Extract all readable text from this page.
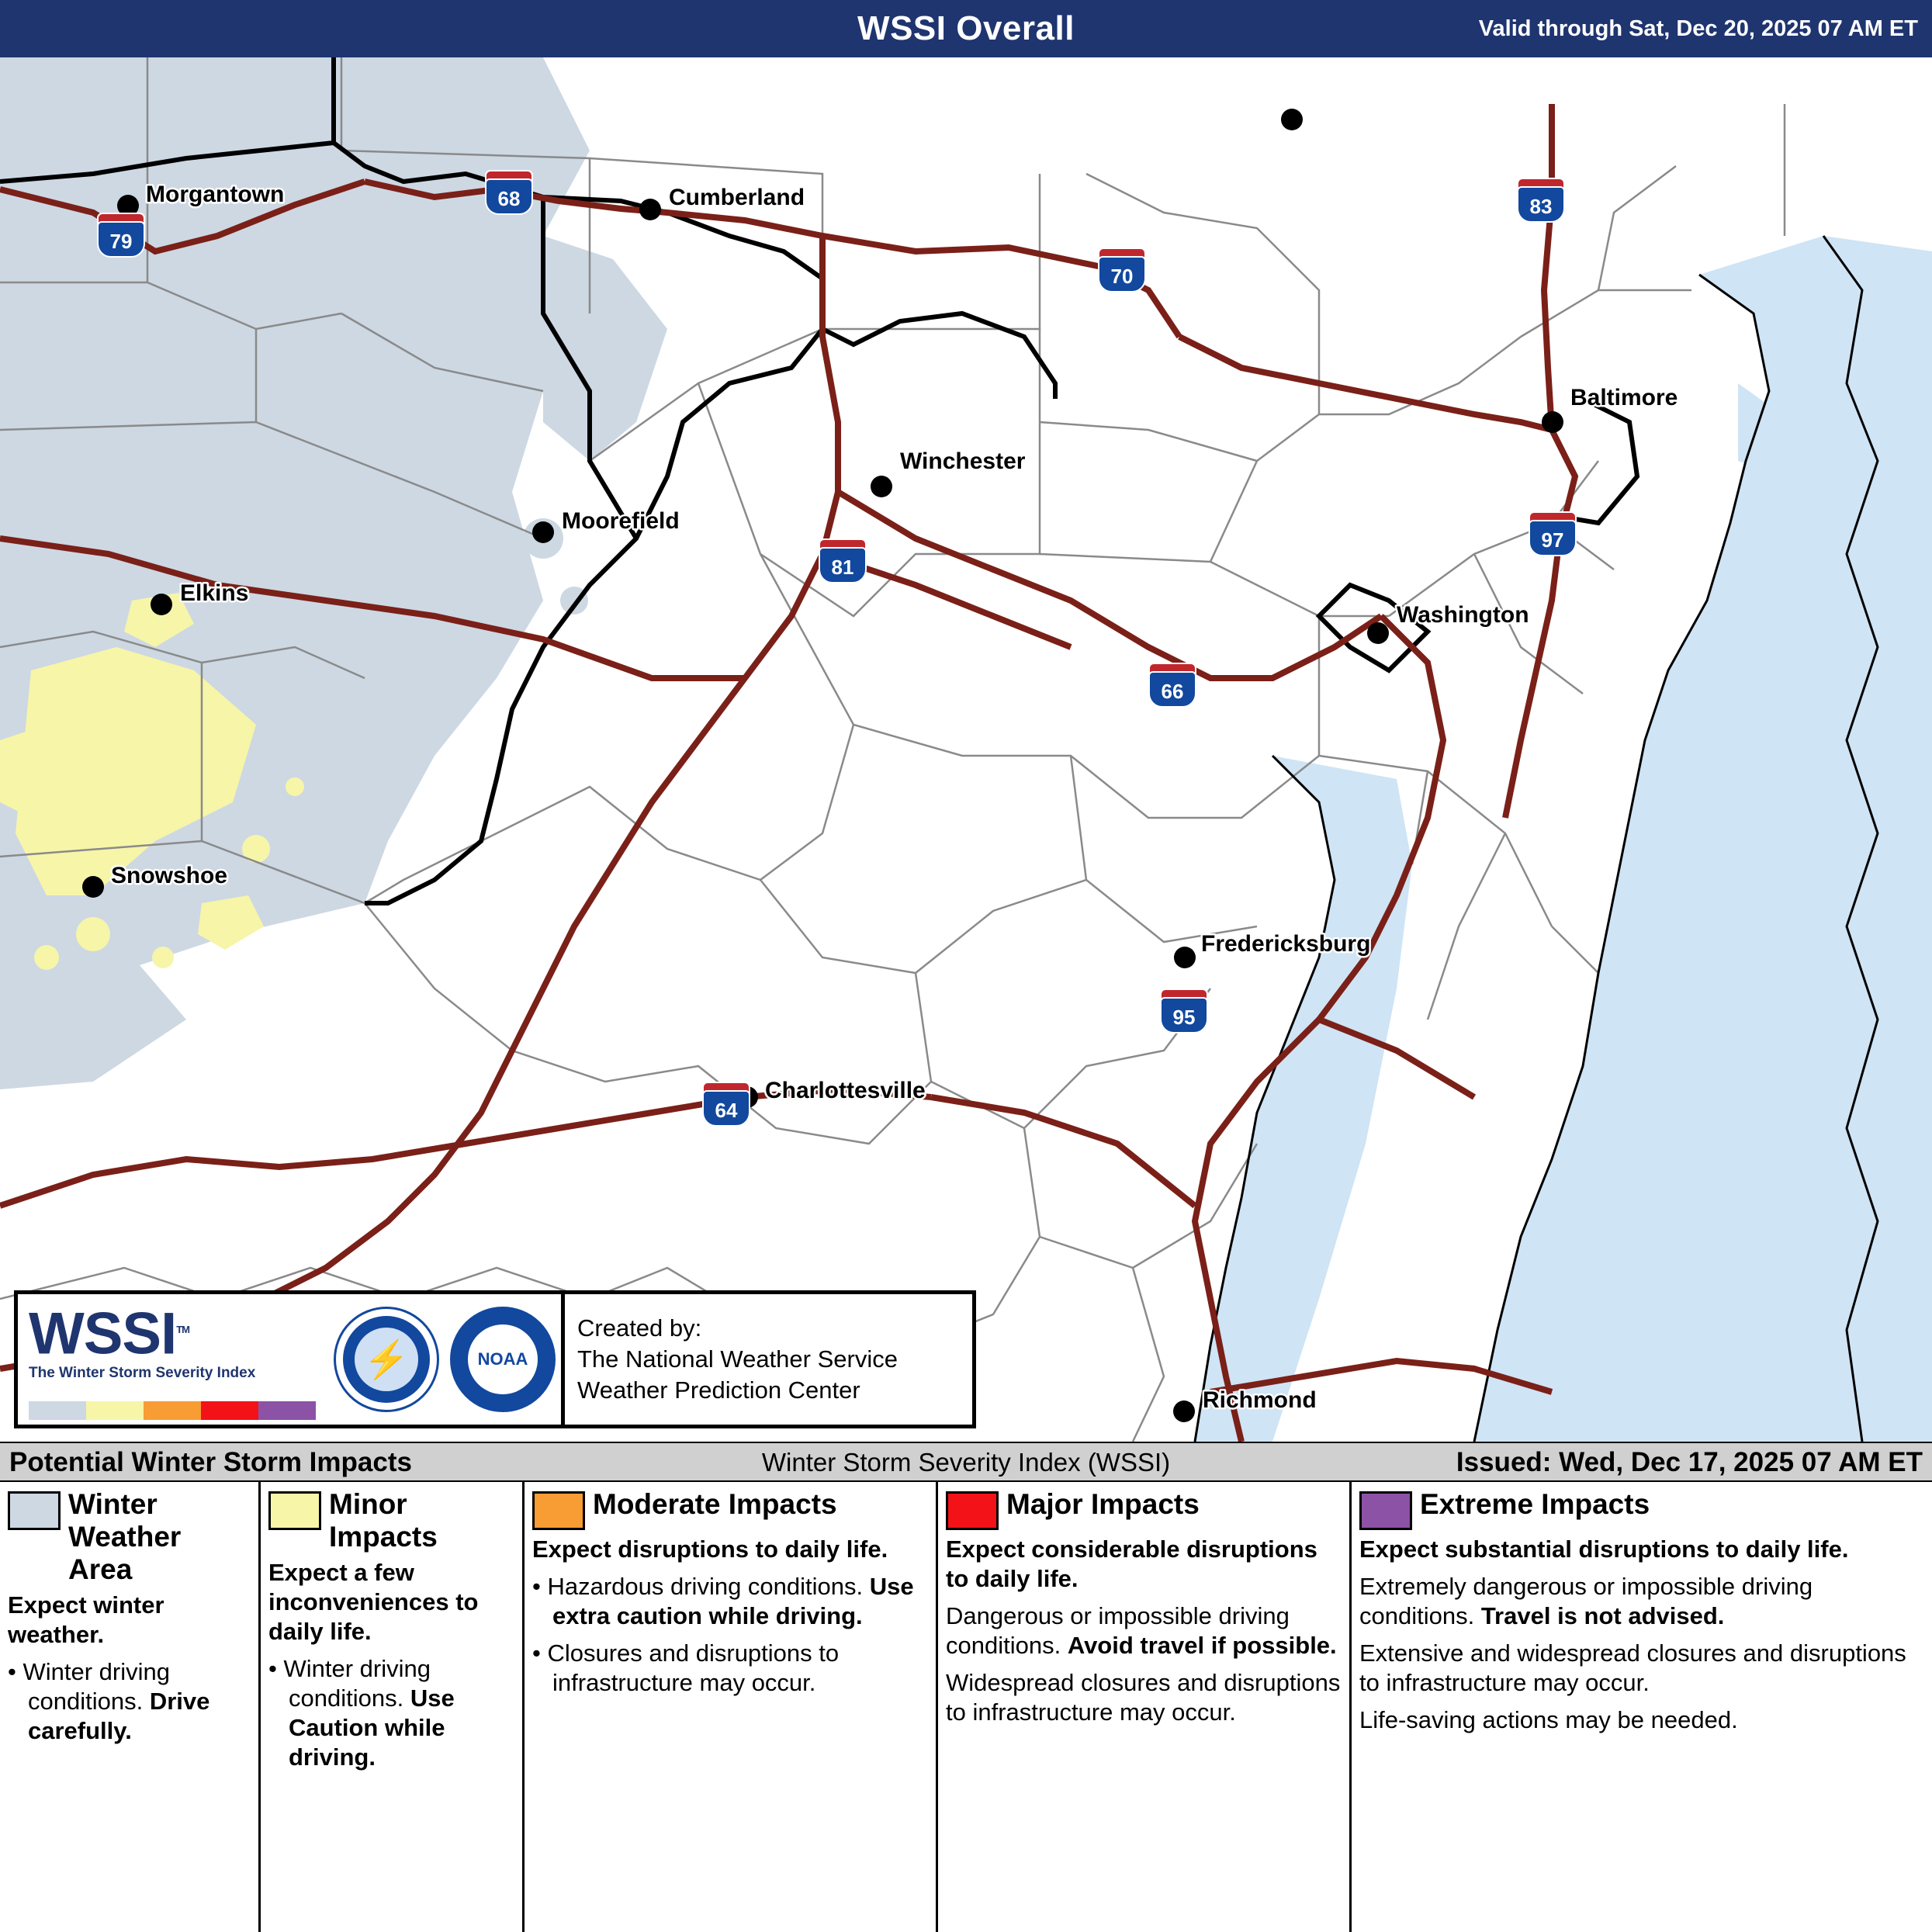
WSSI Overall	Valid through Sat, Dec 20, 2025 07 AM ET
Morgantown	Cumberland
Baltimore
Winchester
Moorefield
Washington
Elkins
Snowshoe
Fredericksburg
Charlottesville
Richmond
79
68	83
70
97
81
66
95
64
WSSI™
The Winter Storm Severity Index	⚡	NOAA
Created by:
The National Weather Service
Weather Prediction Center
Winter Storm Severity Index (WSSI)
Potential Winter Storm Impacts	Issued: Wed, Dec 17, 2025 07 AM ET
Winter Weather Area
Expect winter weather.
• Winter driving conditions. Drive carefully.
Minor Impacts
Expect a few inconveniences to daily life.
• Winter driving conditions. Use Caution while driving.
Moderate Impacts
Expect disruptions to daily life.
• Hazardous driving conditions. Use extra caution while driving.
• Closures and disruptions to infrastructure may occur.
Major Impacts
Expect considerable disruptions to daily life.
Dangerous or impossible driving conditions. Avoid travel if possible.
Widespread closures and disruptions to infrastructure may occur.
Extreme Impacts
Expect substantial disruptions to daily life.
Extremely dangerous or impossible driving conditions. Travel is not advised.
Extensive and widespread closures and disruptions to infrastructure may occur.
Life-saving actions may be needed.
